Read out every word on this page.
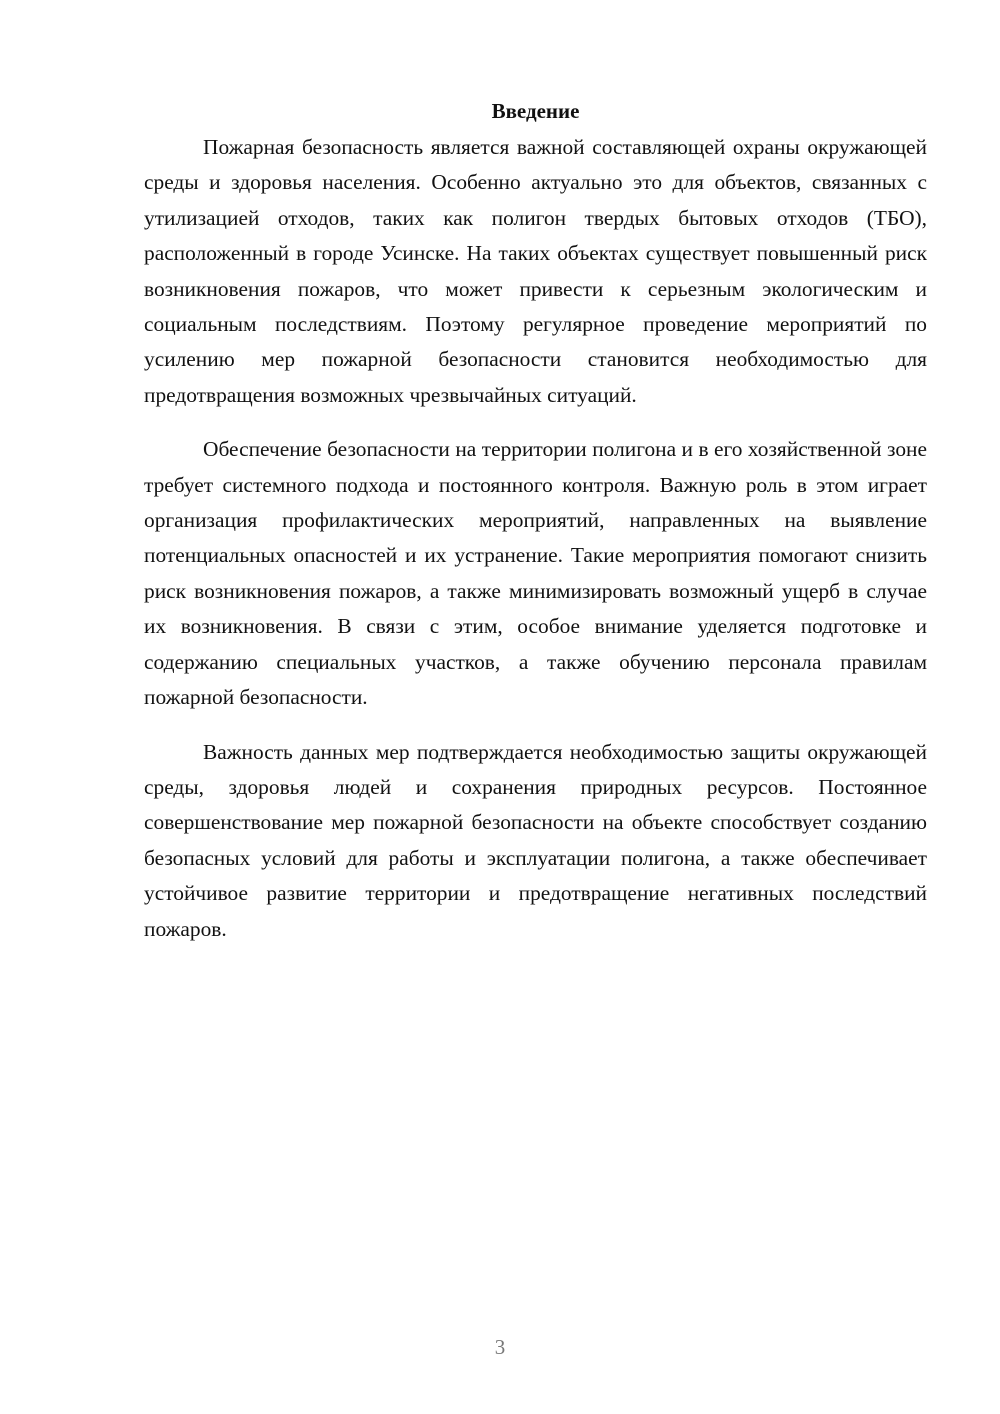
Введение

Пожарная безопасность является важной составляющей охраны окружающей среды и здоровья населения. Особенно актуально это для объектов, связанных с утилизацией отходов, таких как полигон твердых бытовых отходов (ТБО), расположенный в городе Усинске. На таких объектах существует повышенный риск возникновения пожаров, что может привести к серьезным экологическим и социальным последствиям. Поэтому регулярное проведение мероприятий по усилению мер пожарной безопасности становится необходимостью для предотвращения возможных чрезвычайных ситуаций.

Обеспечение безопасности на территории полигона и в его хозяйственной зоне требует системного подхода и постоянного контроля. Важную роль в этом играет организация профилактических мероприятий, направленных на выявление потенциальных опасностей и их устранение. Такие мероприятия помогают снизить риск возникновения пожаров, а также минимизировать возможный ущерб в случае их возникновения. В связи с этим, особое внимание уделяется подготовке и содержанию специальных участков, а также обучению персонала правилам пожарной безопасности.

Важность данных мер подтверждается необходимостью защиты окружающей среды, здоровья людей и сохранения природных ресурсов. Постоянное совершенствование мер пожарной безопасности на объекте способствует созданию безопасных условий для работы и эксплуатации полигона, а также обеспечивает устойчивое развитие территории и предотвращение негативных последствий пожаров.

3
